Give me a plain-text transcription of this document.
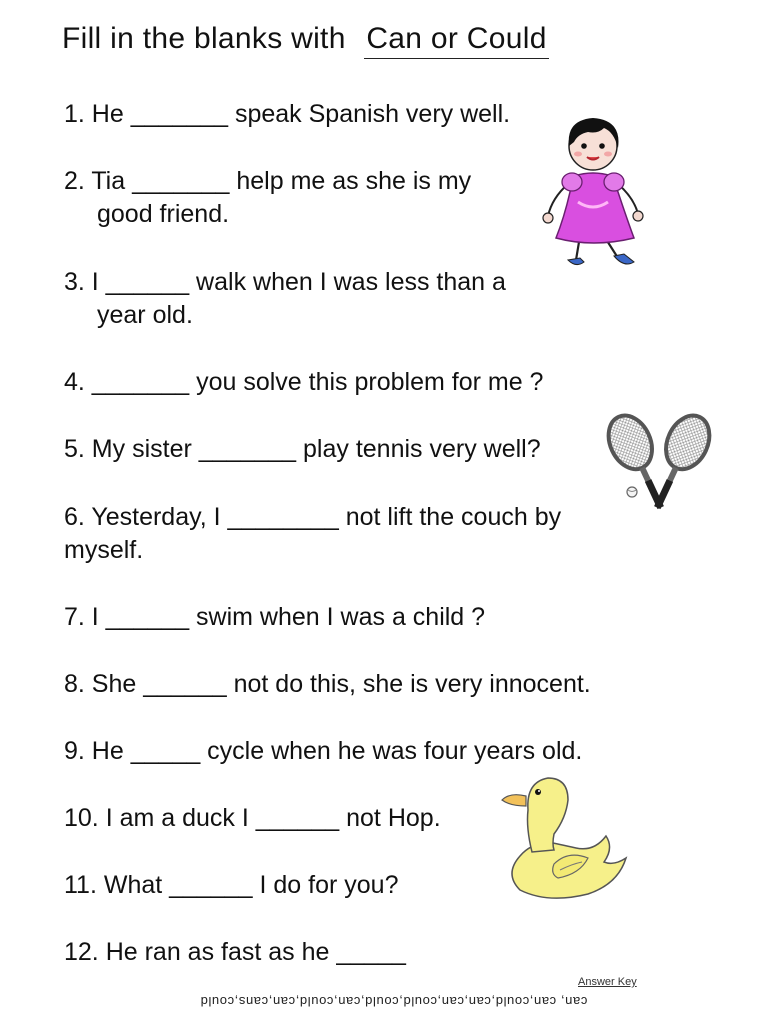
Fill in the blanks with Can or Could
1. He _______ speak Spanish very well.
2. Tia _______ help me as she is my
good friend.
3. I ______ walk when I was less than a
year old.
4. _______ you solve this problem for me ?
5. My sister _______ play tennis very well?
6. Yesterday, I ________ not lift the couch by
myself.
7. I ______ swim when I was a child ?
8. She ______ not do this, she is very innocent.
9. He _____ cycle when he was four years old.
10. I am a duck I ______ not Hop.
11. What ______ I do for you?
12. He ran as fast as he _____
Answer Key
can, can,could,can,can,could,could,can,could,can,cans,could
